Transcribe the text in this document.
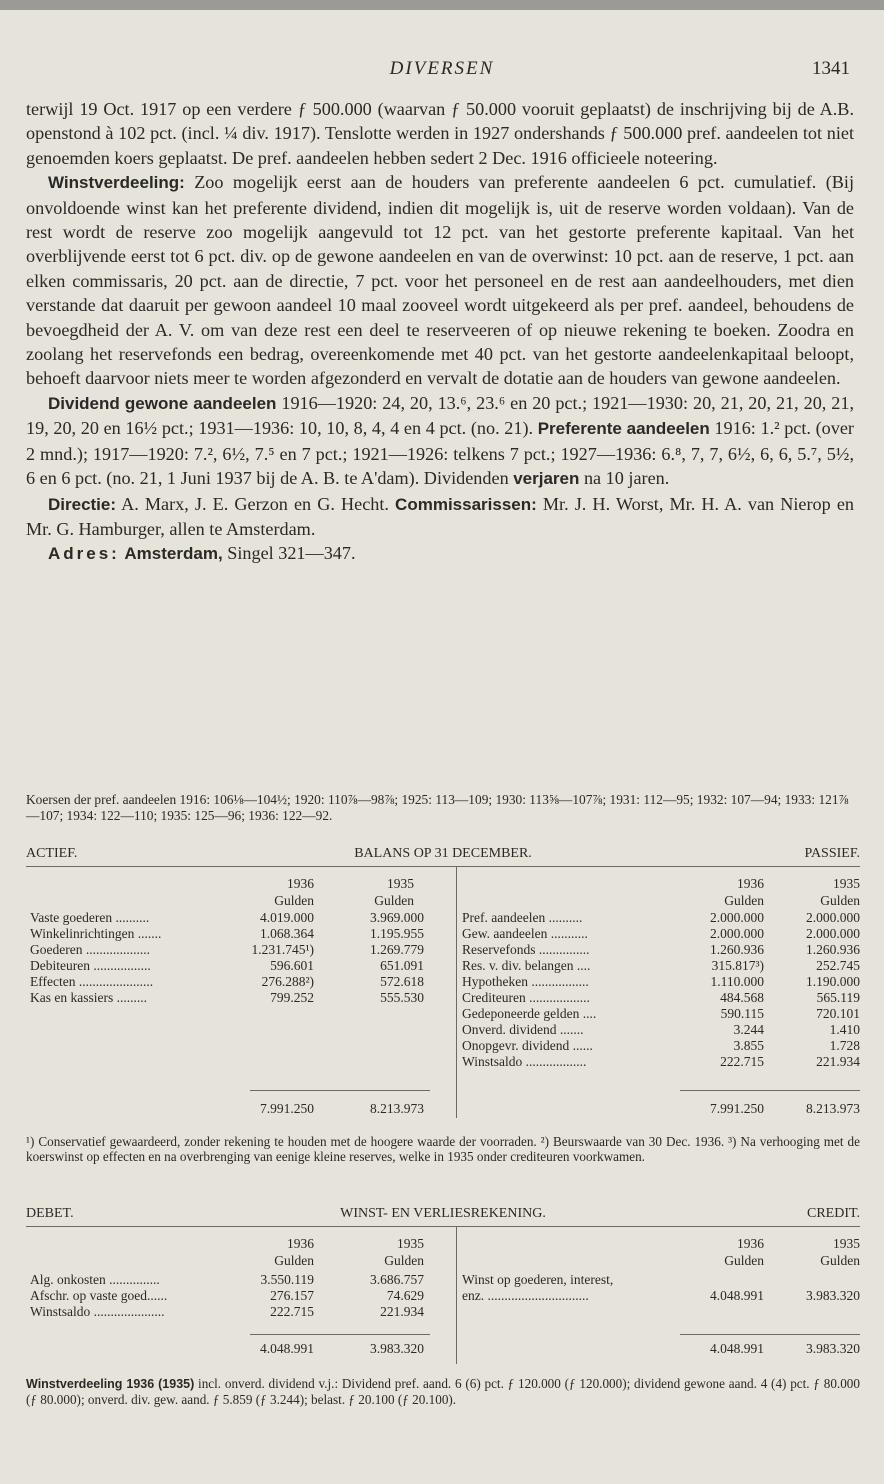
DIVERSEN	1341

terwijl 19 Oct. 1917 op een verdere ƒ 500.000 (waarvan ƒ 50.000 vooruit geplaatst) de inschrijving bij de A.B. openstond à 102 pct. (incl. ¼ div. 1917). Tenslotte werden in 1927 ondershands ƒ 500.000 pref. aandeelen tot niet genoemden koers geplaatst. De pref. aandeelen hebben sedert 2 Dec. 1916 officieele noteering.

Winstverdeeling: Zoo mogelijk eerst aan de houders van preferente aandeelen 6 pct. cumulatief. (Bij onvoldoende winst kan het preferente dividend, indien dit mogelijk is, uit de reserve worden voldaan). Van de rest wordt de reserve zoo mogelijk aangevuld tot 12 pct. van het gestorte preferente kapitaal. Van het overblijvende eerst tot 6 pct. div. op de gewone aandeelen en van de overwinst: 10 pct. aan de reserve, 1 pct. aan elken commissaris, 20 pct. aan de directie, 7 pct. voor het personeel en de rest aan aandeelhouders, met dien verstande dat daaruit per gewoon aandeel 10 maal zooveel wordt uitgekeerd als per pref. aandeel, behoudens de bevoegdheid der A. V. om van deze rest een deel te reserveeren of op nieuwe rekening te boeken. Zoodra en zoolang het reservefonds een bedrag, overeenkomende met 40 pct. van het gestorte aandeelenkapitaal beloopt, behoeft daarvoor niets meer te worden afgezonderd en vervalt de dotatie aan de houders van gewone aandeelen.

Dividend gewone aandeelen 1916—1920: 24, 20, 13.⁶, 23.⁶ en 20 pct.; 1921—1930: 20, 21, 20, 21, 20, 21, 19, 20, 20 en 16½ pct.; 1931—1936: 10, 10, 8, 4, 4 en 4 pct. (no. 21). Preferente aandeelen 1916: 1.² pct. (over 2 mnd.); 1917—1920: 7.², 6½, 7.⁵ en 7 pct.; 1921—1926: telkens 7 pct.; 1927—1936: 6.⁸, 7, 7, 6½, 6, 6, 5.⁷, 5½, 6 en 6 pct. (no. 21, 1 Juni 1937 bij de A. B. te A'dam). Dividenden verjaren na 10 jaren.

Directie: A. Marx, J. E. Gerzon en G. Hecht. Commissarissen: Mr. J. H. Worst, Mr. H. A. van Nierop en Mr. G. Hamburger, allen te Amsterdam.

Adres: Amsterdam, Singel 321—347.

Koersen der pref. aandeelen 1916: 106⅛—104½; 1920: 110⅞—98⅞; 1925: 113—109; 1930: 113⅝—107⅞; 1931: 112—95; 1932: 107—94; 1933: 121⅞—107; 1934: 122—110; 1935: 125—96; 1936: 122—92.
ACTIEF.	BALANS OP 31 DECEMBER.	PASSIEF.
1936	1935
Gulden	Gulden
1936	1935
Gulden	Gulden
Vaste goederen ..........	4.019.000	3.969.000
Winkelinrichtingen .......	1.068.364	1.195.955
Goederen ...................	1.231.745¹)	1.269.779
Debiteuren .................	596.601	651.091
Effecten ......................	276.288²)	572.618
Kas en kassiers .........	799.252	555.530
Pref. aandeelen ..........	2.000.000	2.000.000
Gew. aandeelen ...........	2.000.000	2.000.000
Reservefonds ...............	1.260.936	1.260.936
Res. v. div. belangen ....	315.817³)	252.745
Hypotheken .................	1.110.000	1.190.000
Crediteuren ..................	484.568	565.119
Gedeponeerde gelden ....	590.115	720.101
Onverd. dividend .......	3.244	1.410
Onopgevr. dividend ......	3.855	1.728
Winstsaldo ..................	222.715	221.934
7.991.250	8.213.973	7.991.250	8.213.973
¹) Conservatief gewaardeerd, zonder rekening te houden met de hoogere waarde der voorraden. ²) Beurswaarde van 30 Dec. 1936. ³) Na verhooging met de koerswinst op effecten en na overbrenging van eenige kleine reserves, welke in 1935 onder crediteuren voorkwamen.
DEBET.	WINST- EN VERLIESREKENING.	CREDIT.
1936	1935
Gulden	Gulden
1936	1935
Gulden	Gulden
Alg. onkosten ...............	3.550.119	3.686.757
Afschr. op vaste goed......	276.157	74.629
Winstsaldo .....................	222.715	221.934
Winst op goederen, interest,
enz. ..............................	4.048.991	3.983.320
4.048.991	3.983.320	4.048.991	3.983.320
Winstverdeeling 1936 (1935) incl. onverd. dividend v.j.: Dividend pref. aand. 6 (6) pct. ƒ 120.000 (ƒ 120.000); dividend gewone aand. 4 (4) pct. ƒ 80.000 (ƒ 80.000); onverd. div. gew. aand. ƒ 5.859 (ƒ 3.244); belast. ƒ 20.100 (ƒ 20.100).
